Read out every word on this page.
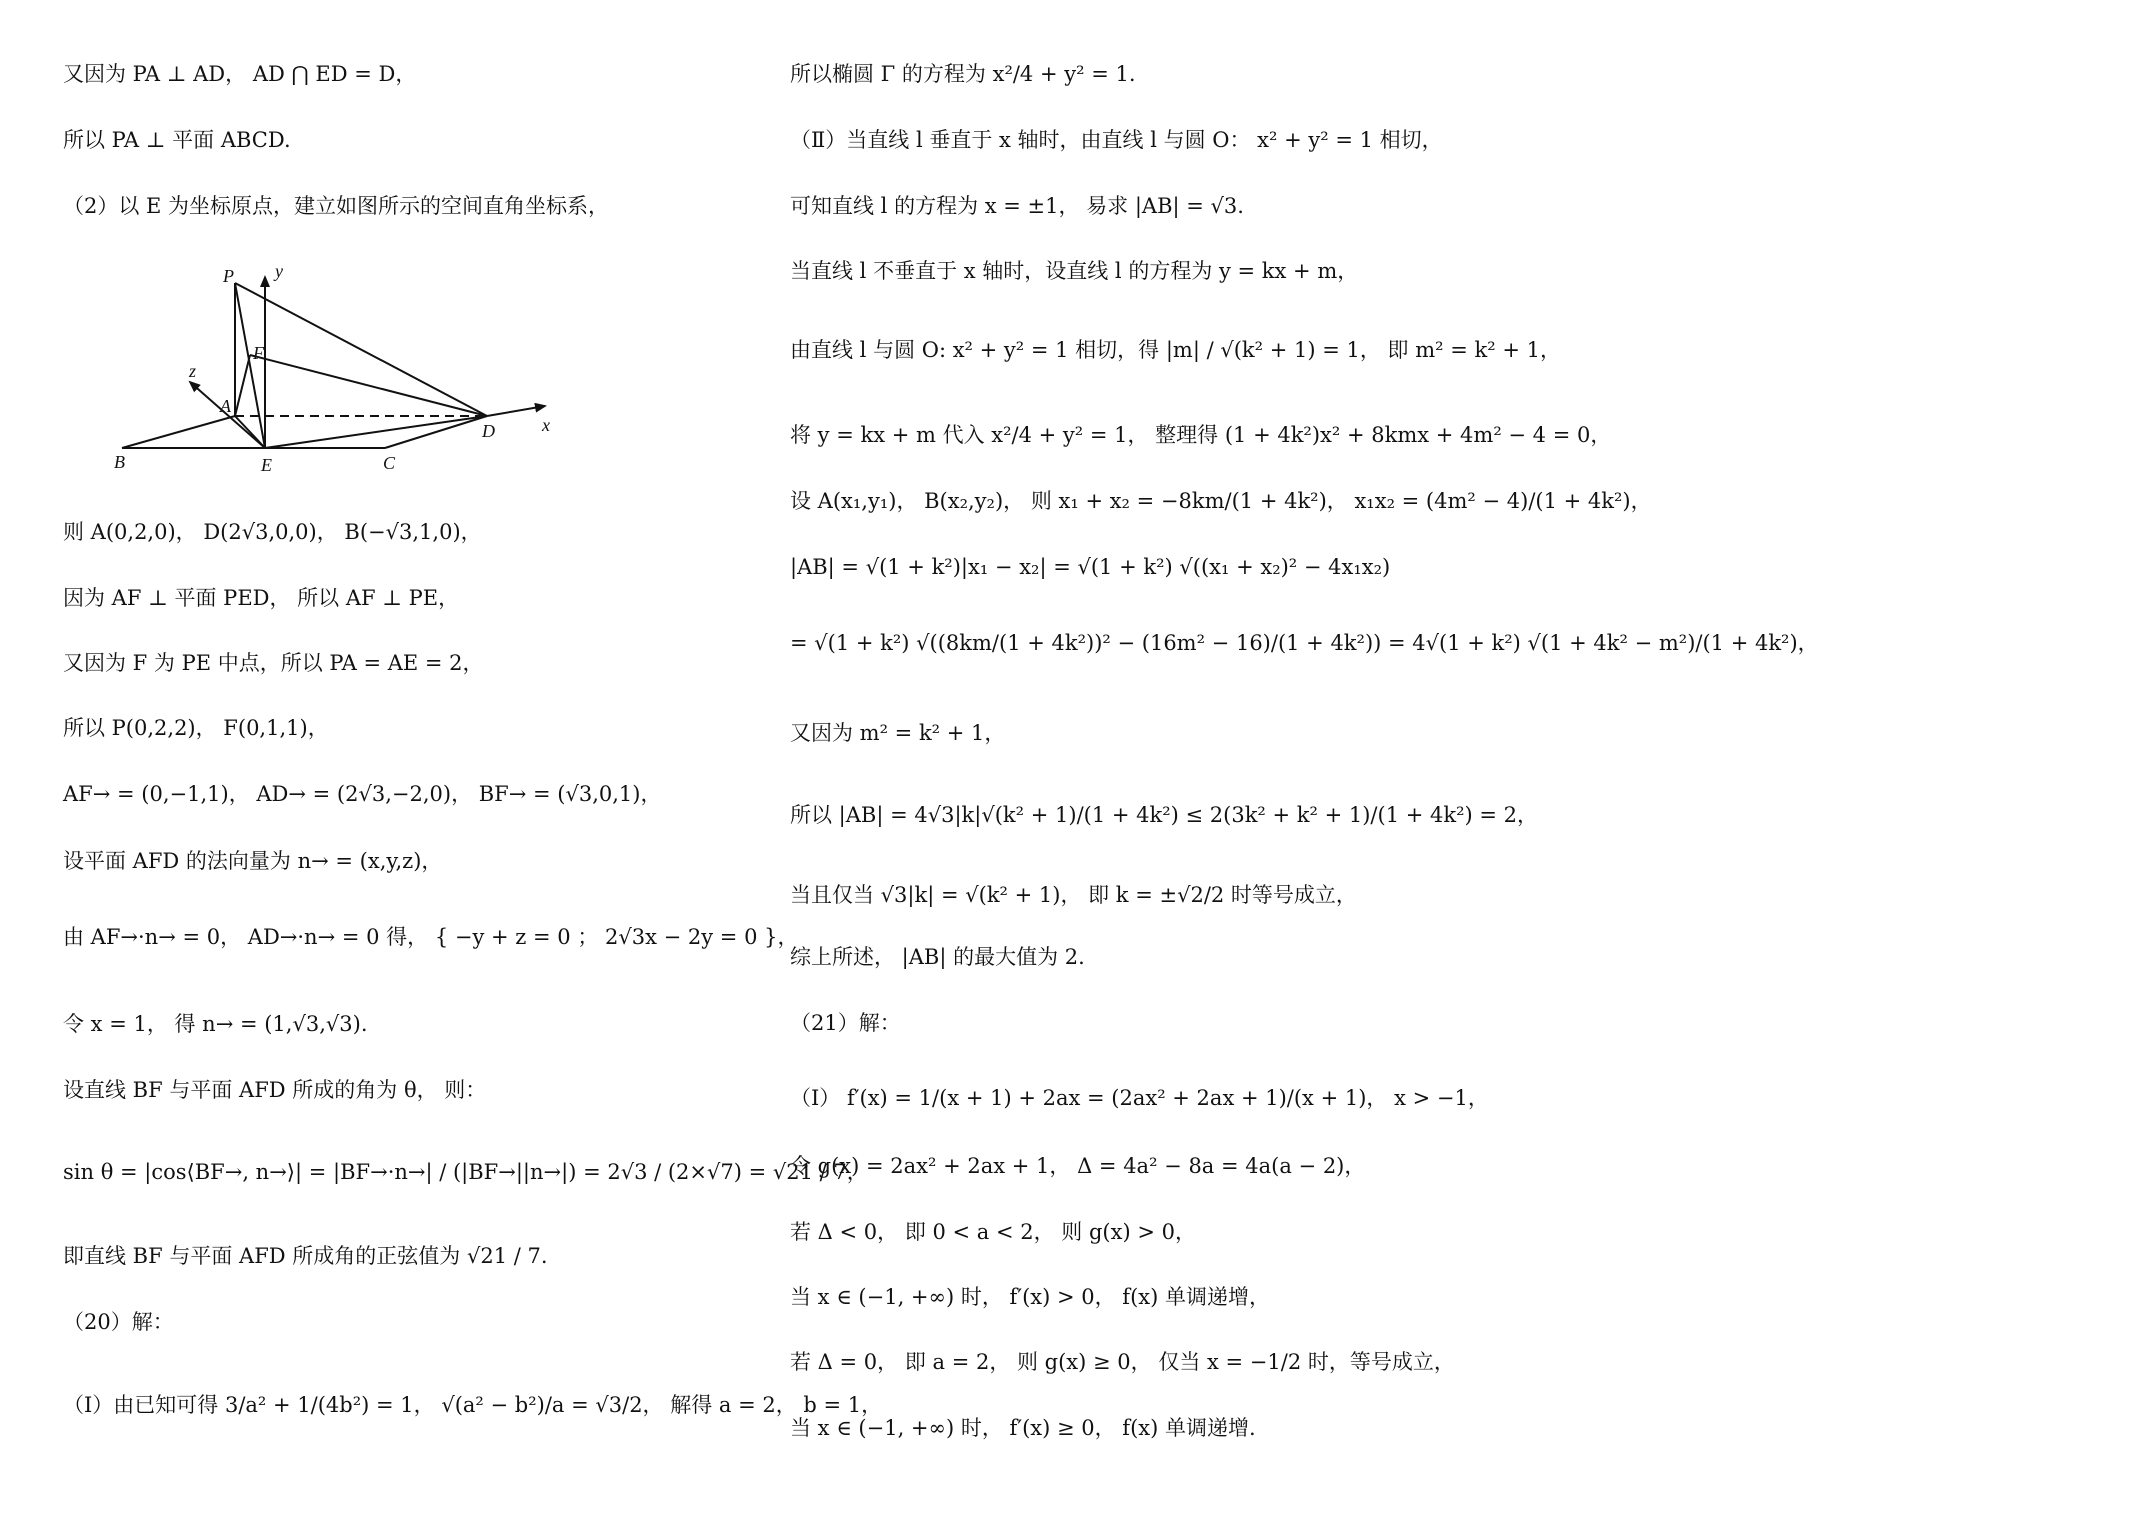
又因为 PA ⊥ AD， AD ⋂ ED = D，
所以 PA ⊥ 平面 ABCD.
（2）以 E 为坐标原点，建立如图所示的空间直角坐标系，
则 A(0,2,0)， D(2√3,0,0)， B(−√3,1,0)，
因为 AF ⊥ 平面 PED， 所以 AF ⊥ PE，
又因为 F 为 PE 中点，所以 PA = AE = 2，
所以 P(0,2,2)， F(0,1,1)，
AF→ = (0,−1,1)， AD→ = (2√3,−2,0)， BF→ = (√3,0,1)，
设平面 AFD 的法向量为 n→ = (x,y,z)，
由 AF→·n→ = 0， AD→·n→ = 0 得， { −y + z = 0 ； 2√3x − 2y = 0 }，
令 x = 1， 得 n→ = (1,√3,√3).
设直线 BF 与平面 AFD 所成的角为 θ， 则：
sin θ = |cos⟨BF→, n→⟩| = |BF→·n→| / (|BF→||n→|) = 2√3 / (2×√7) = √21 / 7，
即直线 BF 与平面 AFD 所成角的正弦值为 √21 / 7.
（20）解：
（Ⅰ）由已知可得 3/a² + 1/(4b²) = 1， √(a² − b²)/a = √3/2， 解得 a = 2， b = 1，
P y
F
z
A
B	E	C
D	x
所以椭圆 Γ 的方程为 x²/4 + y² = 1.
（Ⅱ）当直线 l 垂直于 x 轴时，由直线 l 与圆 O： x² + y² = 1 相切，
可知直线 l 的方程为 x = ±1， 易求 |AB| = √3.
当直线 l 不垂直于 x 轴时，设直线 l 的方程为 y = kx + m，
由直线 l 与圆 O: x² + y² = 1 相切，得 |m| / √(k² + 1) = 1， 即 m² = k² + 1，
将 y = kx + m 代入 x²/4 + y² = 1， 整理得 (1 + 4k²)x² + 8kmx + 4m² − 4 = 0，
设 A(x₁,y₁)， B(x₂,y₂)， 则 x₁ + x₂ = −8km/(1 + 4k²)， x₁x₂ = (4m² − 4)/(1 + 4k²)，
|AB| = √(1 + k²)|x₁ − x₂| = √(1 + k²) √((x₁ + x₂)² − 4x₁x₂)
= √(1 + k²) √((8km/(1 + 4k²))² − (16m² − 16)/(1 + 4k²)) = 4√(1 + k²) √(1 + 4k² − m²)/(1 + 4k²)，
又因为 m² = k² + 1，
所以 |AB| = 4√3|k|√(k² + 1)/(1 + 4k²) ≤ 2(3k² + k² + 1)/(1 + 4k²) = 2，
当且仅当 √3|k| = √(k² + 1)， 即 k = ±√2/2 时等号成立，
综上所述， |AB| 的最大值为 2.
（21）解：
（Ⅰ） f′(x) = 1/(x + 1) + 2ax = (2ax² + 2ax + 1)/(x + 1)， x > −1，
令 g(x) = 2ax² + 2ax + 1， Δ = 4a² − 8a = 4a(a − 2)，
若 Δ < 0， 即 0 < a < 2， 则 g(x) > 0，
当 x ∈ (−1, +∞) 时， f′(x) > 0， f(x) 单调递增，
若 Δ = 0， 即 a = 2， 则 g(x) ≥ 0， 仅当 x = −1/2 时，等号成立，
当 x ∈ (−1, +∞) 时， f′(x) ≥ 0， f(x) 单调递增.
